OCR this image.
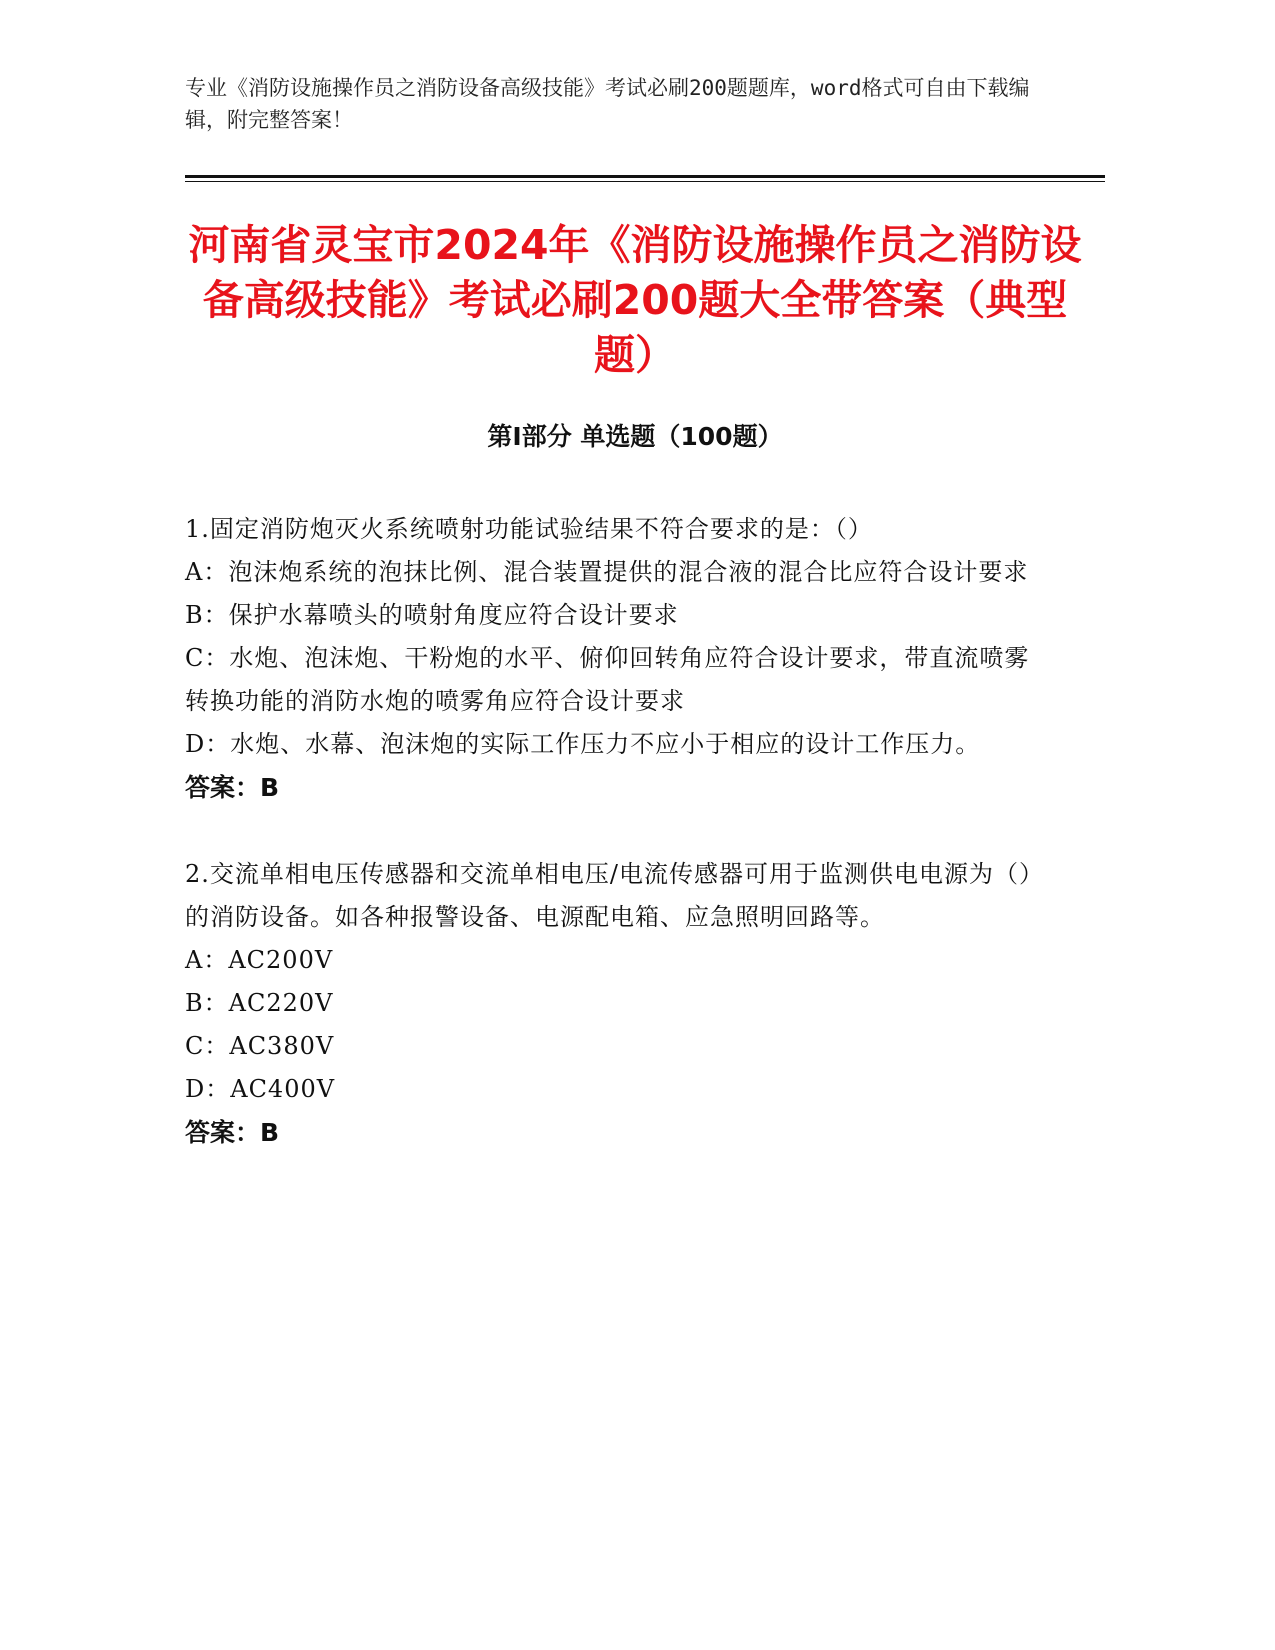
专业《消防设施操作员之消防设备高级技能》考试必刷200题题库，word格式可自由下载编辑，附完整答案！
河南省灵宝市2024年《消防设施操作员之消防设备高级技能》考试必刷200题大全带答案（典型题）
第I部分 单选题（100题）
1.固定消防炮灭火系统喷射功能试验结果不符合要求的是：（）
A：泡沫炮系统的泡抹比例、混合装置提供的混合液的混合比应符合设计要求
B：保护水幕喷头的喷射角度应符合设计要求
C：水炮、泡沫炮、干粉炮的水平、俯仰回转角应符合设计要求，带直流喷雾转换功能的消防水炮的喷雾角应符合设计要求
D：水炮、水幕、泡沫炮的实际工作压力不应小于相应的设计工作压力。
答案：B
2.交流单相电压传感器和交流单相电压/电流传感器可用于监测供电电源为（）的消防设备。如各种报警设备、电源配电箱、应急照明回路等。
A：AC200V
B：AC220V
C：AC380V
D：AC400V
答案：B
